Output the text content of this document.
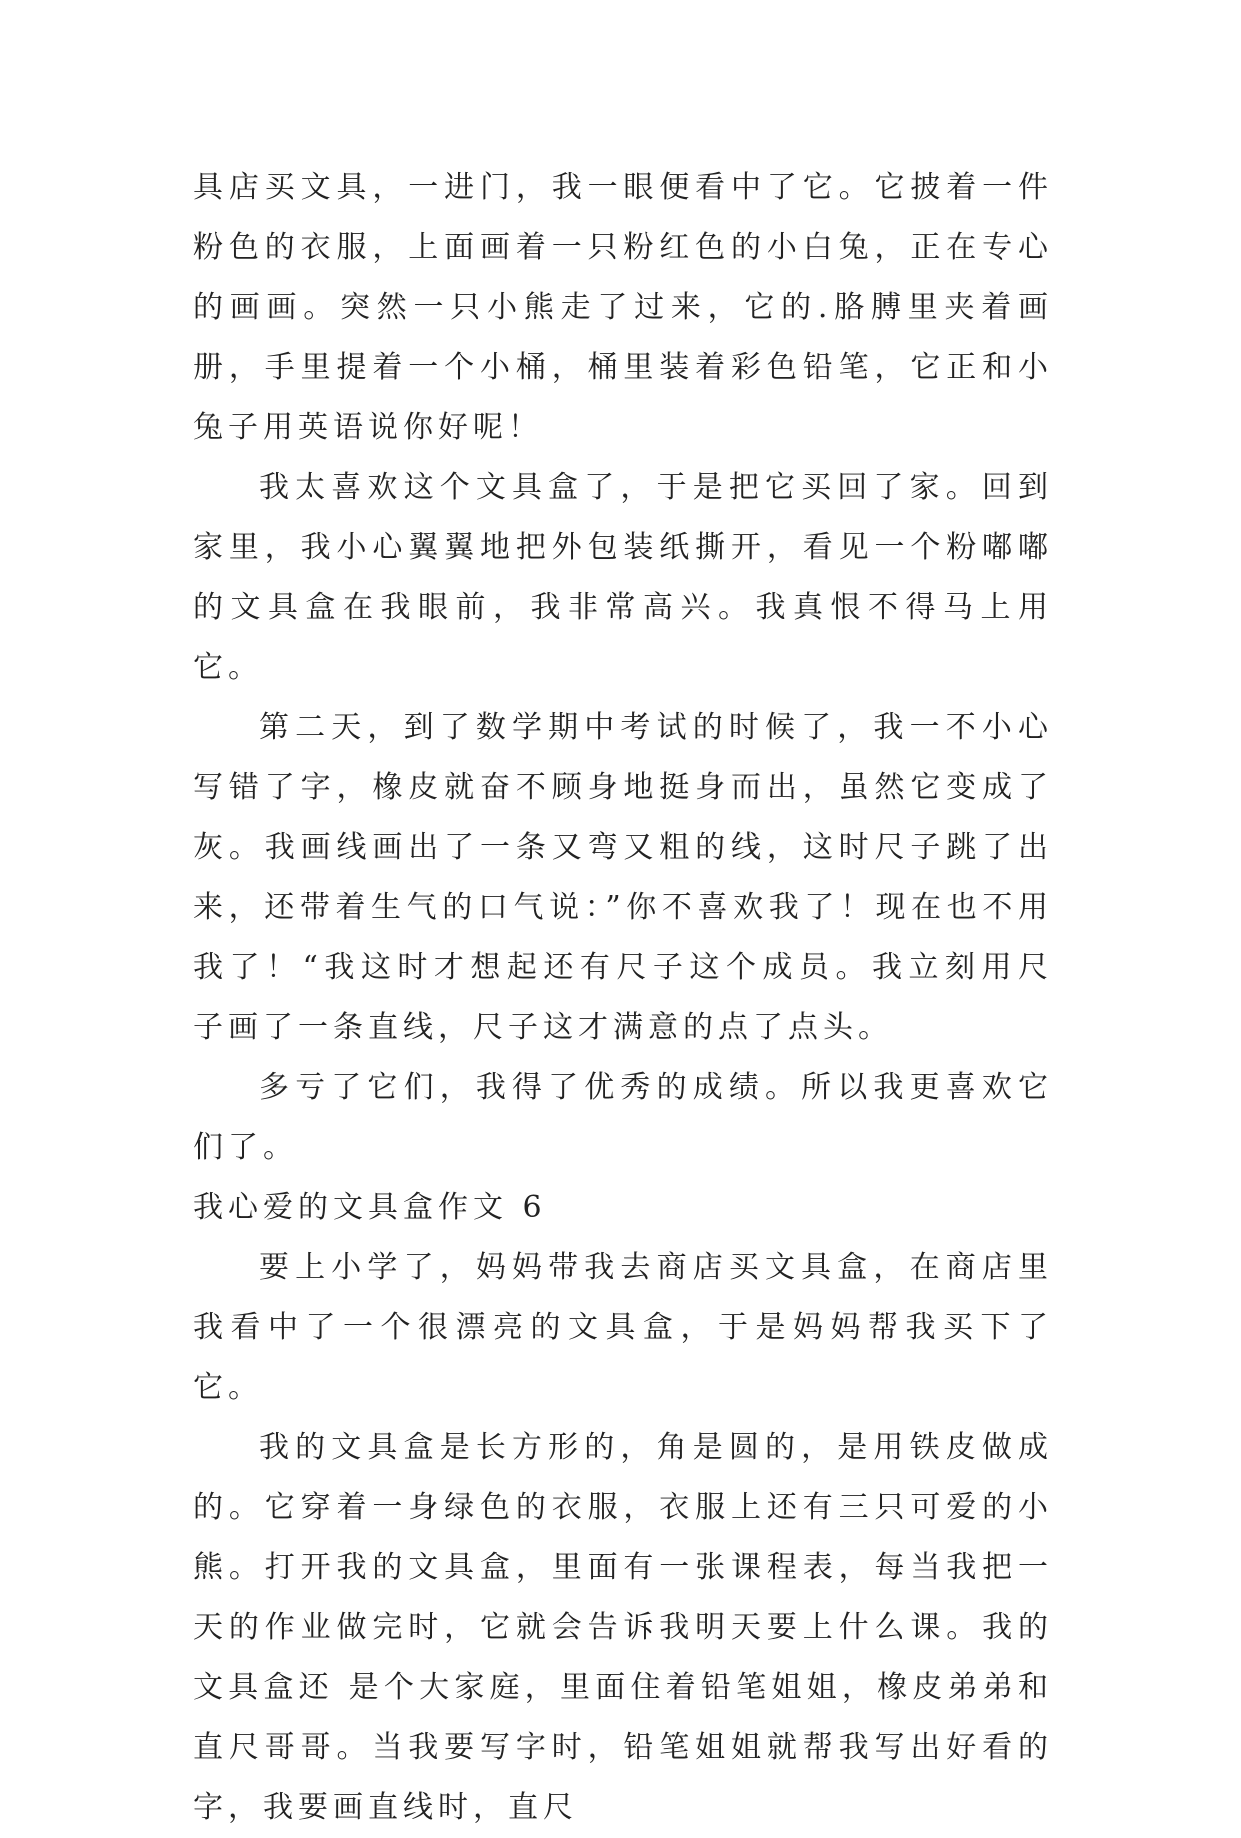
具店买文具，一进门，我一眼便看中了它。它披着一件粉色的衣服，上面画着一只粉红色的小白兔，正在专心的画画。突然一只小熊走了过来，它的.胳膊里夹着画册，手里提着一个小桶，桶里装着彩色铅笔，它正和小兔子用英语说你好呢！

我太喜欢这个文具盒了，于是把它买回了家。回到家里，我小心翼翼地把外包装纸撕开，看见一个粉嘟嘟的文具盒在我眼前，我非常高兴。我真恨不得马上用它。

第二天，到了数学期中考试的时候了，我一不小心写错了字，橡皮就奋不顾身地挺身而出，虽然它变成了灰。我画线画出了一条又弯又粗的线，这时尺子跳了出来，还带着生气的口气说：”你不喜欢我了！现在也不用我了！“我这时才想起还有尺子这个成员。我立刻用尺子画了一条直线，尺子这才满意的点了点头。

多亏了它们，我得了优秀的成绩。所以我更喜欢它们了。

我心爱的文具盒作文 6

要上小学了，妈妈带我去商店买文具盒，在商店里我看中了一个很漂亮的文具盒，于是妈妈帮我买下了它。

我的文具盒是长方形的，角是圆的，是用铁皮做成的。它穿着一身绿色的衣服，衣服上还有三只可爱的小熊。打开我的文具盒，里面有一张课程表，每当我把一天的作业做完时，它就会告诉我明天要上什么课。我的文具盒还 是个大家庭，里面住着铅笔姐姐，橡皮弟弟和直尺哥哥。当我要写字时，铅笔姐姐就帮我写出好看的字，我要画直线时，直尺
